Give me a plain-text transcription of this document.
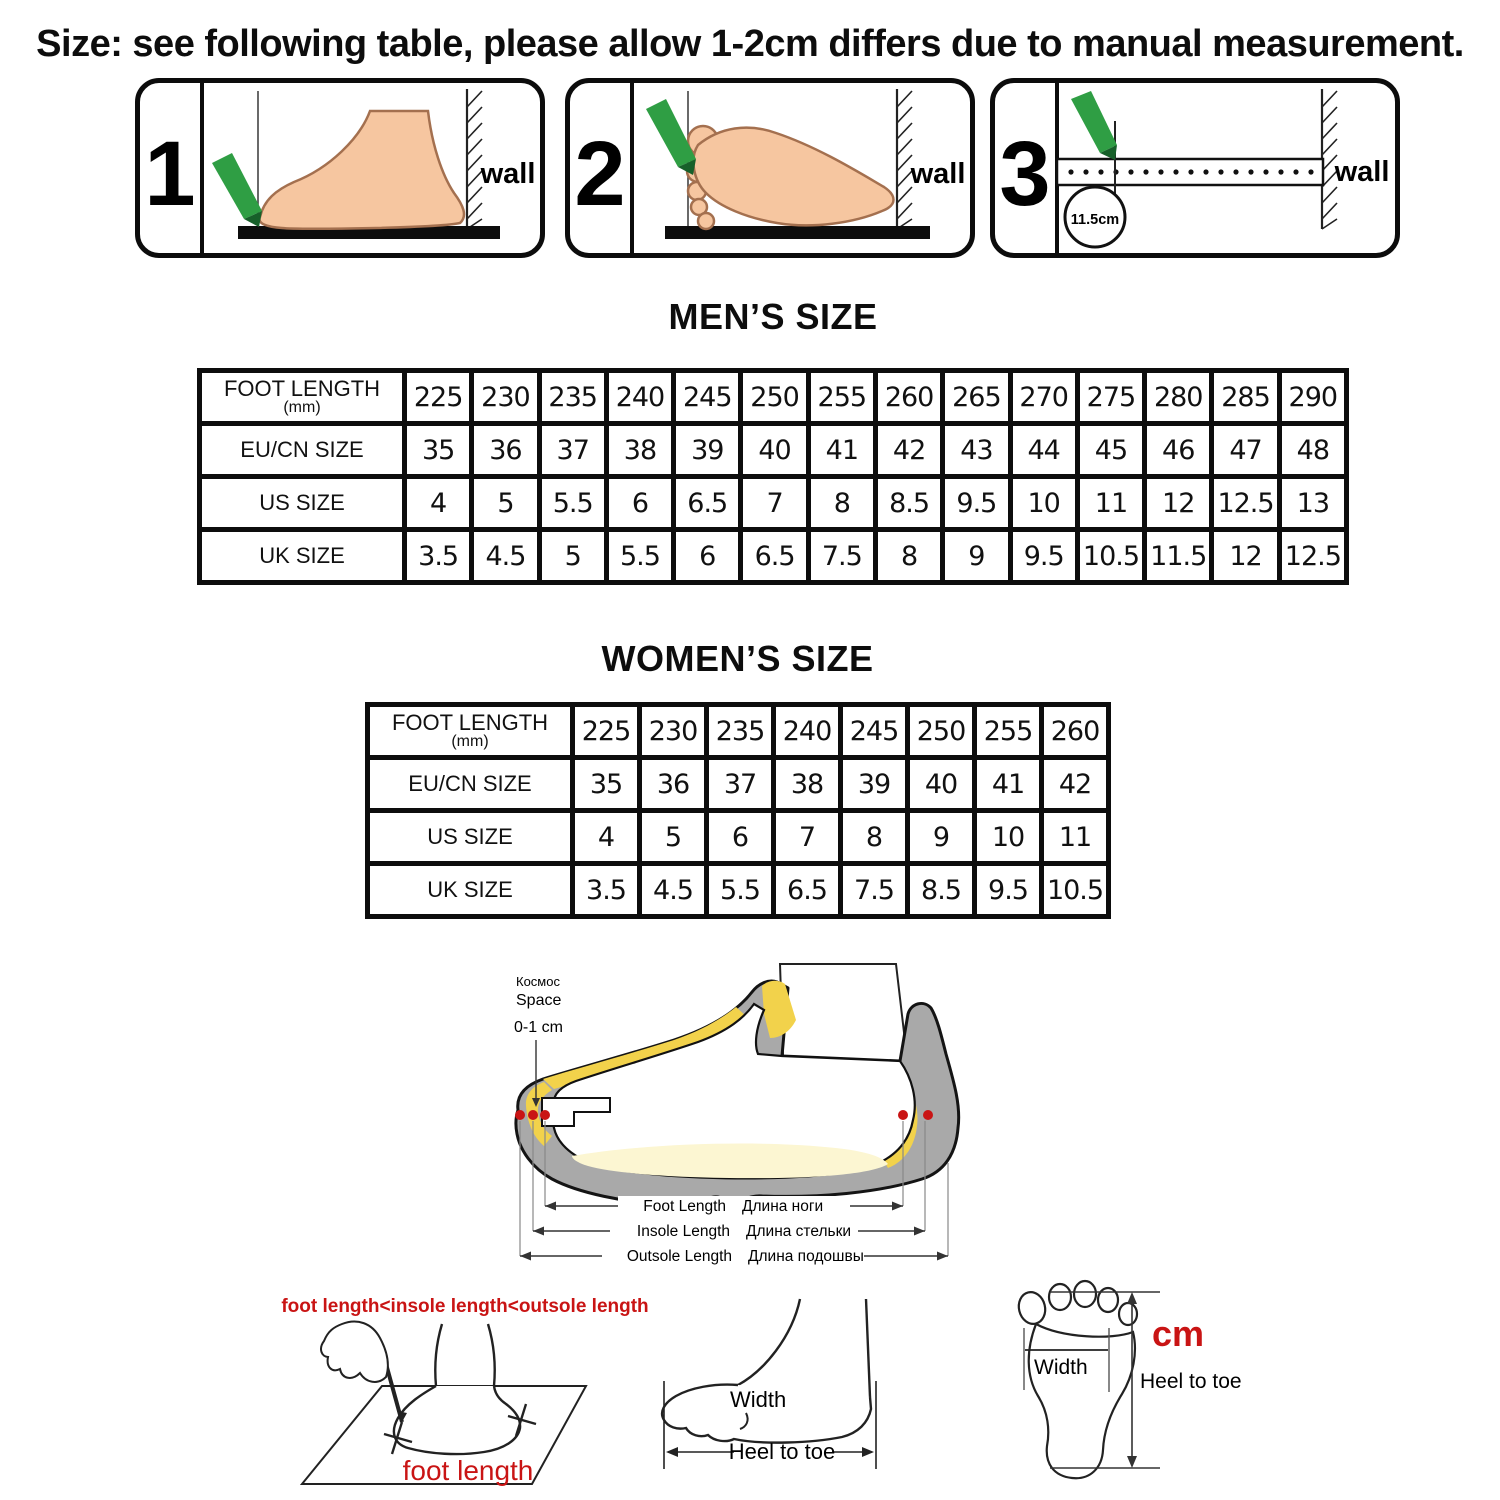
Size: see following table, please allow 1-2cm differs due to manual measurement.
1	wall 2	wall 3	wall
11.5cm
MEN’S SIZE
FOOT LENGTH
(mm)	225	230	235	240	245	250	255	260	265	270	275	280	285	290

EU/CN SIZE	35	36	37	38	39	40	41	42	43	44	45	46	47	48

US SIZE	4	5	5.5	6	6.5	7	8	8.5	9.5	10	11	12	12.5	13

UK SIZE	3.5	4.5	5	5.5	6	6.5	7.5	8	9	9.5	10.5	11.5	12	12.5
WOMEN’S SIZE
FOOT LENGTH
(mm)	225	230	235	240	245	250	255	260

EU/CN SIZE	35	36	37	38	39	40	41	42

US SIZE	4	5	6	7	8	9	10	11

UK SIZE	3.5	4.5	5.5	6.5	7.5	8.5	9.5	10.5
Космос
Space
0-1 cm
Foot Length Длина ноги
Insole Length Длина стельки
Outsole Length Длина подошвы
foot length<insole length<outsole length
foot length
Width
Heel to toe
Width
cm
Heel to toe
